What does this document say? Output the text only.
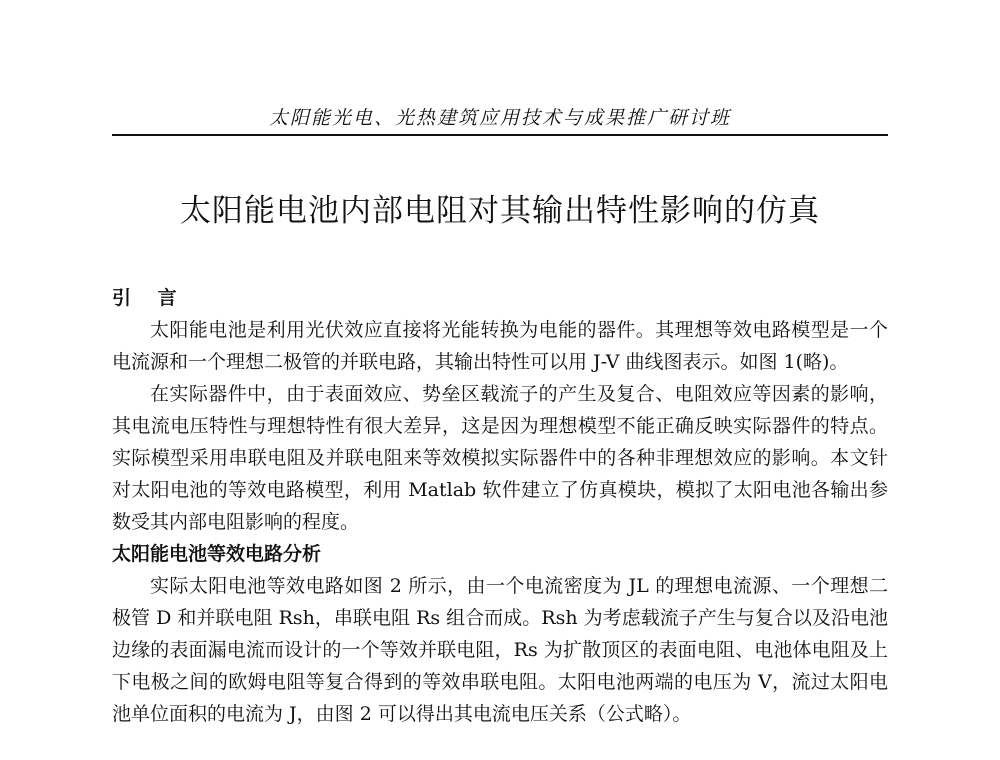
太阳能光电、光热建筑应用技术与成果推广研讨班
太阳能电池内部电阻对其输出特性影响的仿真
引 言

太阳能电池是利用光伏效应直接将光能转换为电能的器件。其理想等效电路模型是一个电流源和一个理想二极管的并联电路，其输出特性可以用 J-V 曲线图表示。如图 1(略)。

在实际器件中，由于表面效应、势垒区载流子的产生及复合、电阻效应等因素的影响，其电流电压特性与理想特性有很大差异，这是因为理想模型不能正确反映实际器件的特点。实际模型采用串联电阻及并联电阻来等效模拟实际器件中的各种非理想效应的影响。本文针对太阳电池的等效电路模型，利用 Matlab 软件建立了仿真模块，模拟了太阳电池各输出参数受其内部电阻影响的程度。

太阳能电池等效电路分析

实际太阳电池等效电路如图 2 所示，由一个电流密度为 JL 的理想电流源、一个理想二极管 D 和并联电阻 Rsh，串联电阻 Rs 组合而成。Rsh 为考虑载流子产生与复合以及沿电池边缘的表面漏电流而设计的一个等效并联电阻，Rs 为扩散顶区的表面电阻、电池体电阻及上下电极之间的欧姆电阻等复合得到的等效串联电阻。太阳电池两端的电压为 V，流过太阳电池单位面积的电流为 J，由图 2 可以得出其电流电压关系（公式略）。
